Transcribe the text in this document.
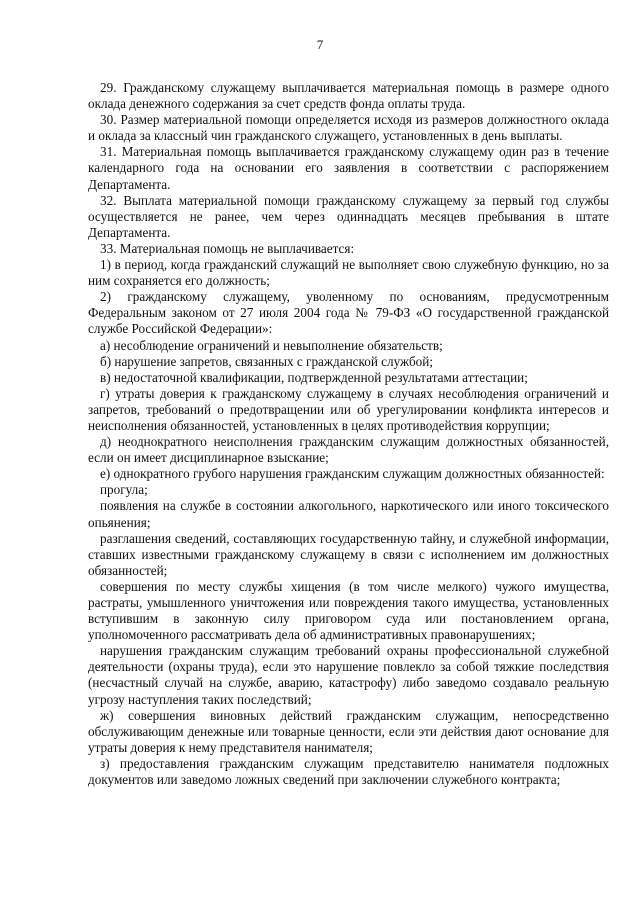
7

29. Гражданскому служащему выплачивается материальная помощь в размере одного оклада денежного содержания за счет средств фонда оплаты труда.

30. Размер материальной помощи определяется исходя из размеров должностного оклада и оклада за классный чин гражданского служащего, установленных в день выплаты.

31. Материальная помощь выплачивается гражданскому служащему один раз в течение календарного года на основании его заявления в соответствии с распоряжением Департамента.

32. Выплата материальной помощи гражданскому служащему за первый год службы осуществляется не ранее, чем через одиннадцать месяцев пребывания в штате Департамента.

33. Материальная помощь не выплачивается:

1) в период, когда гражданский служащий не выполняет свою служебную функцию, но за ним сохраняется его должность;

2) гражданскому служащему, уволенному по основаниям, предусмотренным Федеральным законом от 27 июля 2004 года № 79-ФЗ «О государственной гражданской службе Российской Федерации»:

а) несоблюдение ограничений и невыполнение обязательств;

б) нарушение запретов, связанных с гражданской службой;

в) недостаточной квалификации, подтвержденной результатами аттестации;

г) утраты доверия к гражданскому служащему в случаях несоблюдения ограничений и запретов, требований о предотвращении или об урегулировании конфликта интересов и неисполнения обязанностей, установленных в целях противодействия коррупции;

д) неоднократного неисполнения гражданским служащим должностных обязанностей, если он имеет дисциплинарное взыскание;

е) однократного грубого нарушения гражданским служащим должностных обязанностей:

прогула;

появления на службе в состоянии алкогольного, наркотического или иного токсического опьянения;

разглашения сведений, составляющих государственную тайну, и служебной информации, ставших известными гражданскому служащему в связи с исполнением им должностных обязанностей;

совершения по месту службы хищения (в том числе мелкого) чужого имущества, растраты, умышленного уничтожения или повреждения такого имущества, установленных вступившим в законную силу приговором суда или постановлением органа, уполномоченного рассматривать дела об административных правонарушениях;

нарушения гражданским служащим требований охраны профессиональной служебной деятельности (охраны труда), если это нарушение повлекло за собой тяжкие последствия (несчастный случай на службе, аварию, катастрофу) либо заведомо создавало реальную угрозу наступления таких последствий;

ж) совершения виновных действий гражданским служащим, непосредственно обслуживающим денежные или товарные ценности, если эти действия дают основание для утраты доверия к нему представителя нанимателя;

з) предоставления гражданским служащим представителю нанимателя подложных документов или заведомо ложных сведений при заключении служебного контракта;
